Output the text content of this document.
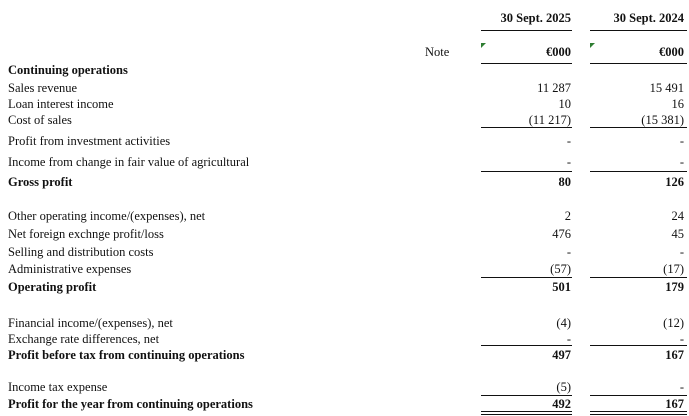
30 Sept. 2025	30 Sept. 2024
Note	€000	€000
Continuing operations
Sales revenue	11 287	15 491
Loan interest income	10	16
Cost of sales	(11 217)	(15 381)
Profit from investment activities	-	-
Income from change in fair value of agricultural	-	-
Gross profit	80	126
Other operating income/(expenses), net	2	24
Net foreign exchnge profit/loss	476	45
Selling and distribution costs	-	-
Administrative expenses	(57)	(17)
Operating profit	501	179
Financial income/(expenses), net	(4)	(12)
Exchange rate differences, net	-	-
Profit before tax from continuing operations	497	167
Income tax expense	(5)	-
Profit for the year from continuing operations	492	167
